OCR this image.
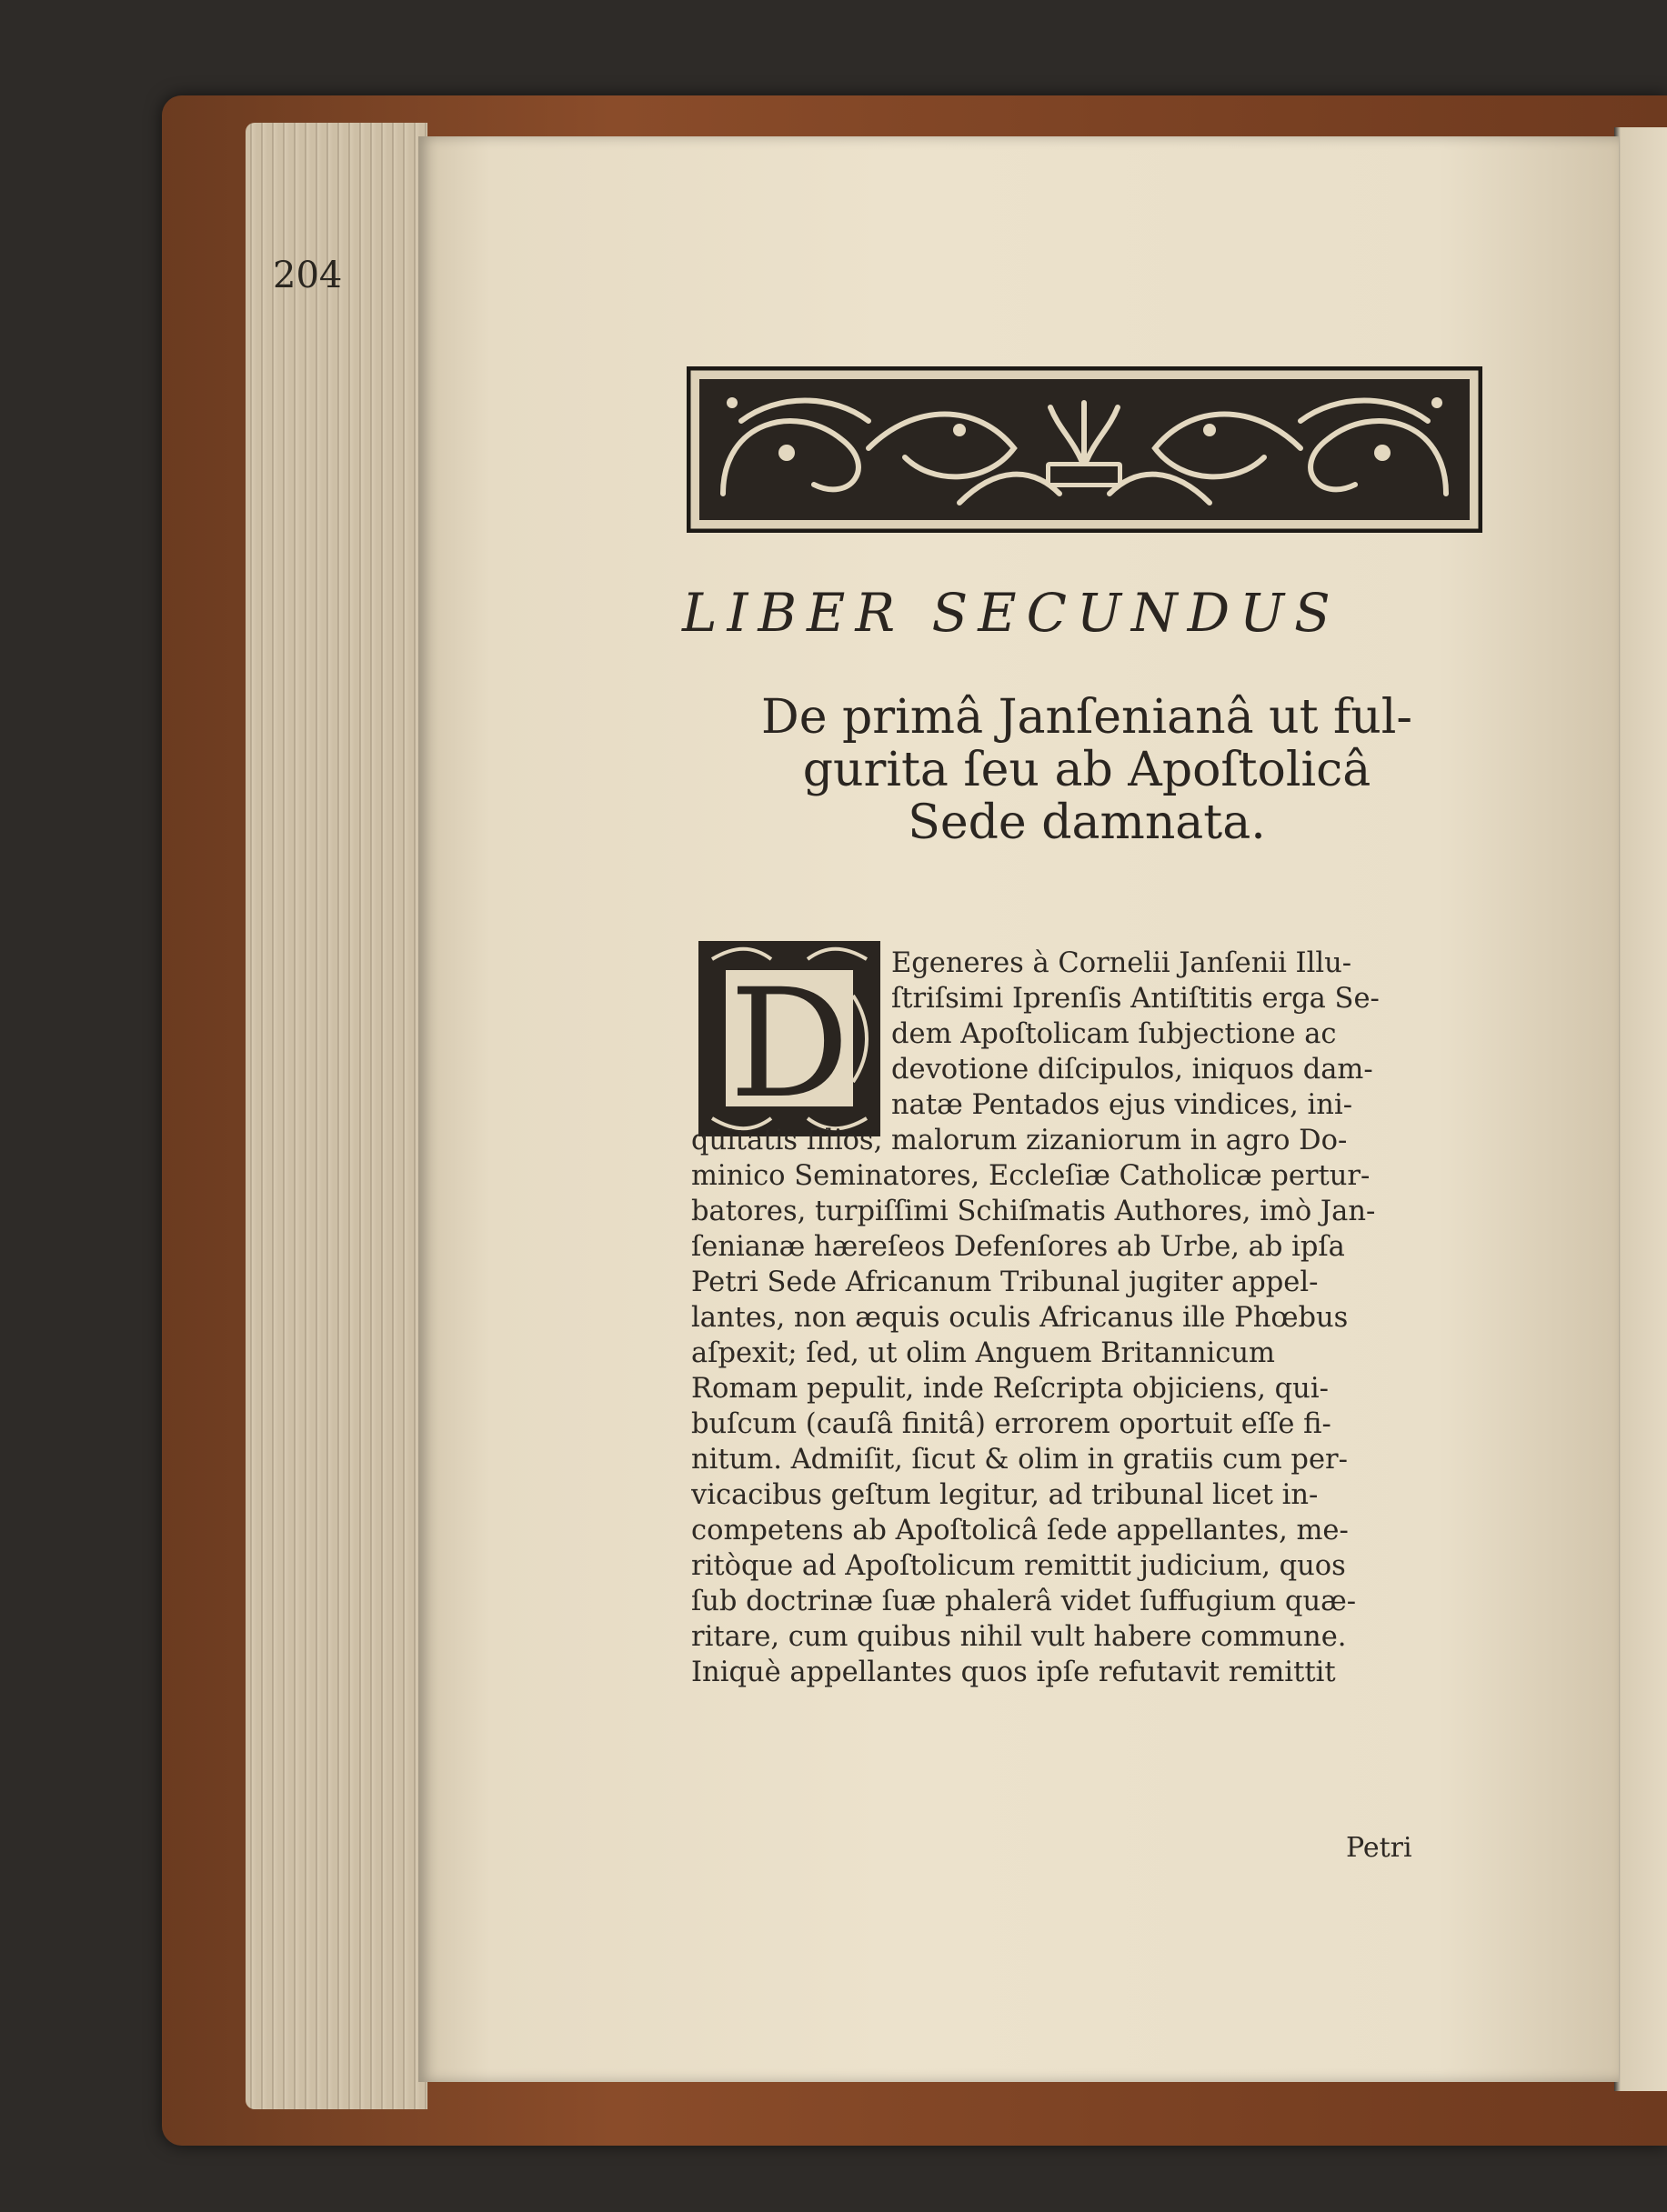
204
LIBER SECUNDUS
De primâ Janſenianâ ut ful-
gurita ſeu ab Apoſtolicâ
Sede damnata.
D	Egeneres à Cornelii Janſenii Illu-
ſtriſsimi Iprenſis Antiſtitis erga Se-
dem Apoſtolicam ſubjectione ac
devotione diſcipulos, iniquos dam-
natæ Pentados ejus vindices, ini-
quitatis filios, malorum zizaniorum in agro Do-
minico Seminatores, Eccleſiæ Catholicæ pertur-
batores, turpiſſimi Schiſmatis Authores, imò Jan-
ſenianæ hæreſeos Defenſores ab Urbe, ab ipſa
Petri Sede Africanum Tribunal jugiter appel-
lantes, non æquis oculis Africanus ille Phœbus
aſpexit; ſed, ut olim Anguem Britannicum
Romam pepulit, inde Reſcripta objiciens, qui-
buſcum (cauſâ finitâ) errorem oportuit eſſe fi-
nitum. Admiſit, ſicut & olim in gratiis cum per-
vicacibus geſtum legitur, ad tribunal licet in-
competens ab Apoſtolicâ ſede appellantes, me-
ritòque ad Apoſtolicum remittit judicium, quos
ſub doctrinæ ſuæ phalerâ videt ſuffugium quæ-
ritare, cum quibus nihil vult habere commune.
Iniquè appellantes quos ipſe refutavit remittit
Petri
